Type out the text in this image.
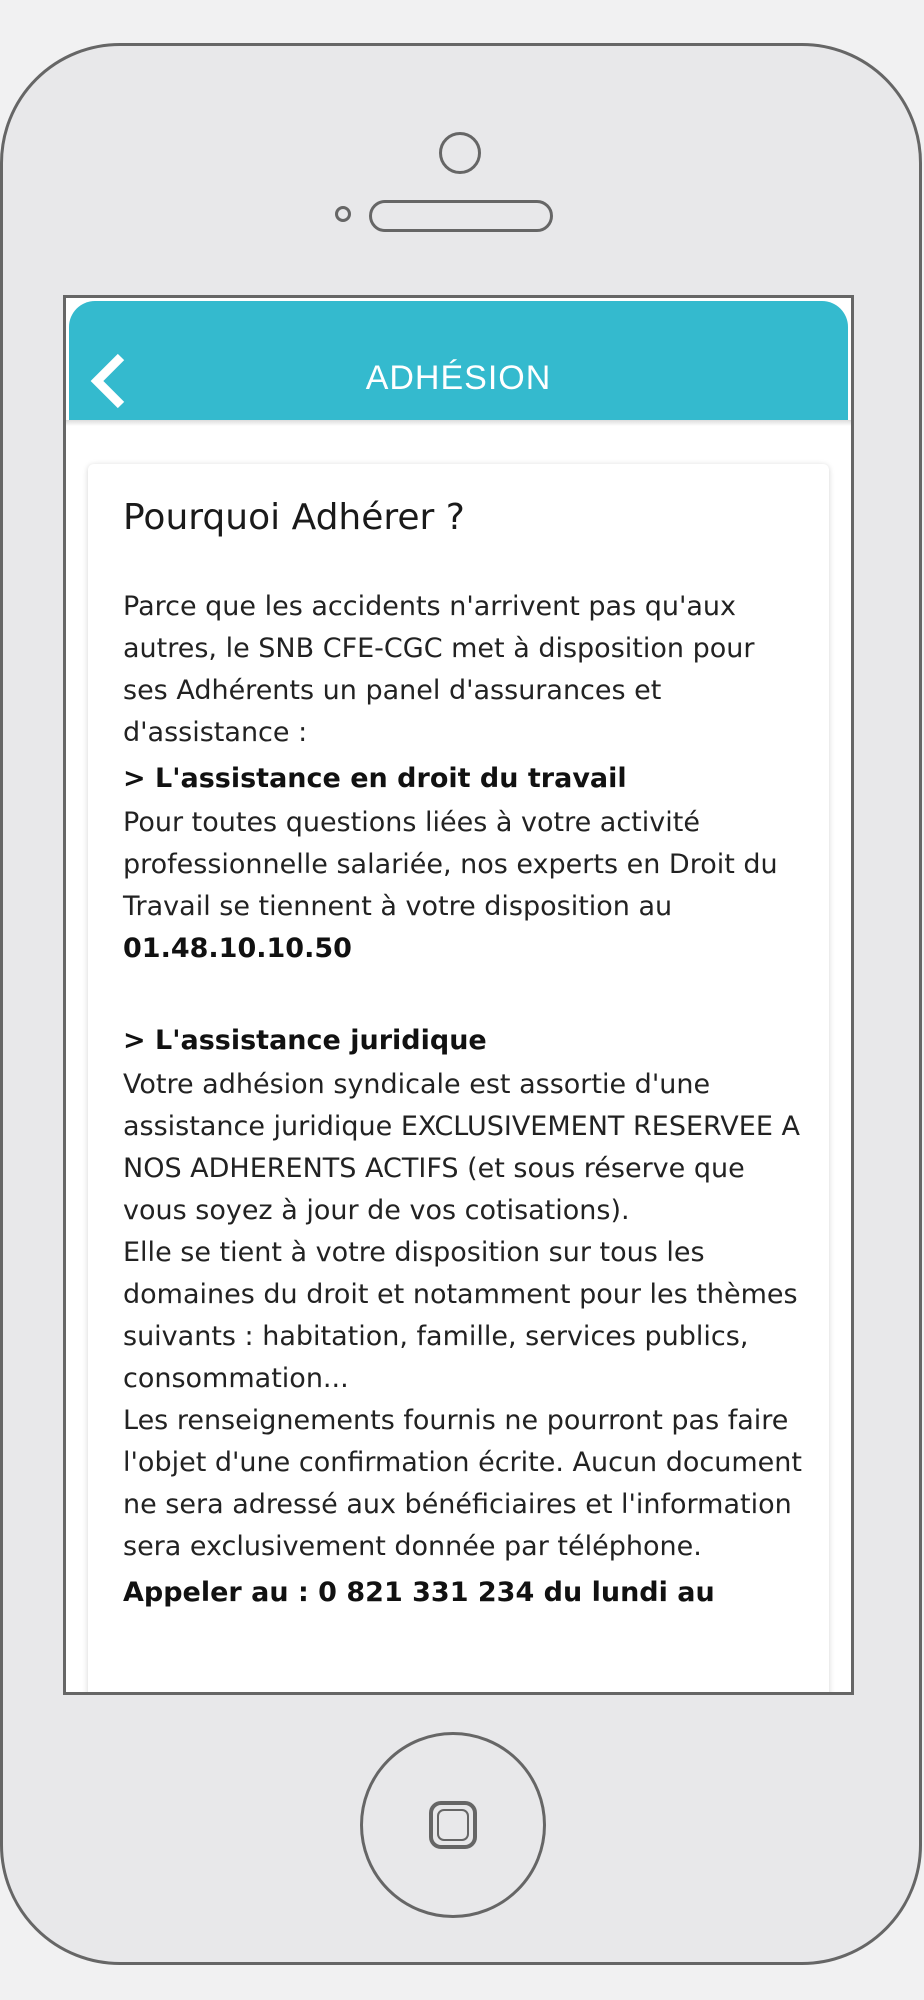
ADHÉSION
Pourquoi Adhérer ?

Parce que les accidents n'arrivent pas qu'aux autres, le SNB CFE-CGC met à disposition pour ses Adhérents un panel d'assurances et d'assistance :

> L'assistance en droit du travail

Pour toutes questions liées à votre activité professionnelle salariée, nos experts en Droit du Travail se tiennent à votre disposition au 01.48.10.10.50

> L'assistance juridique

Votre adhésion syndicale est assortie d'une assistance juridique EXCLUSIVEMENT RESERVEE A NOS ADHERENTS ACTIFS (et sous réserve que vous soyez à jour de vos cotisations).

Elle se tient à votre disposition sur tous les domaines du droit et notamment pour les thèmes suivants : habitation, famille, services publics, consommation...

Les renseignements fournis ne pourront pas faire l'objet d'une confirmation écrite. Aucun document ne sera adressé aux bénéficiaires et l'information sera exclusivement donnée par téléphone.

Appeler au : 0 821 331 234 du lundi au
